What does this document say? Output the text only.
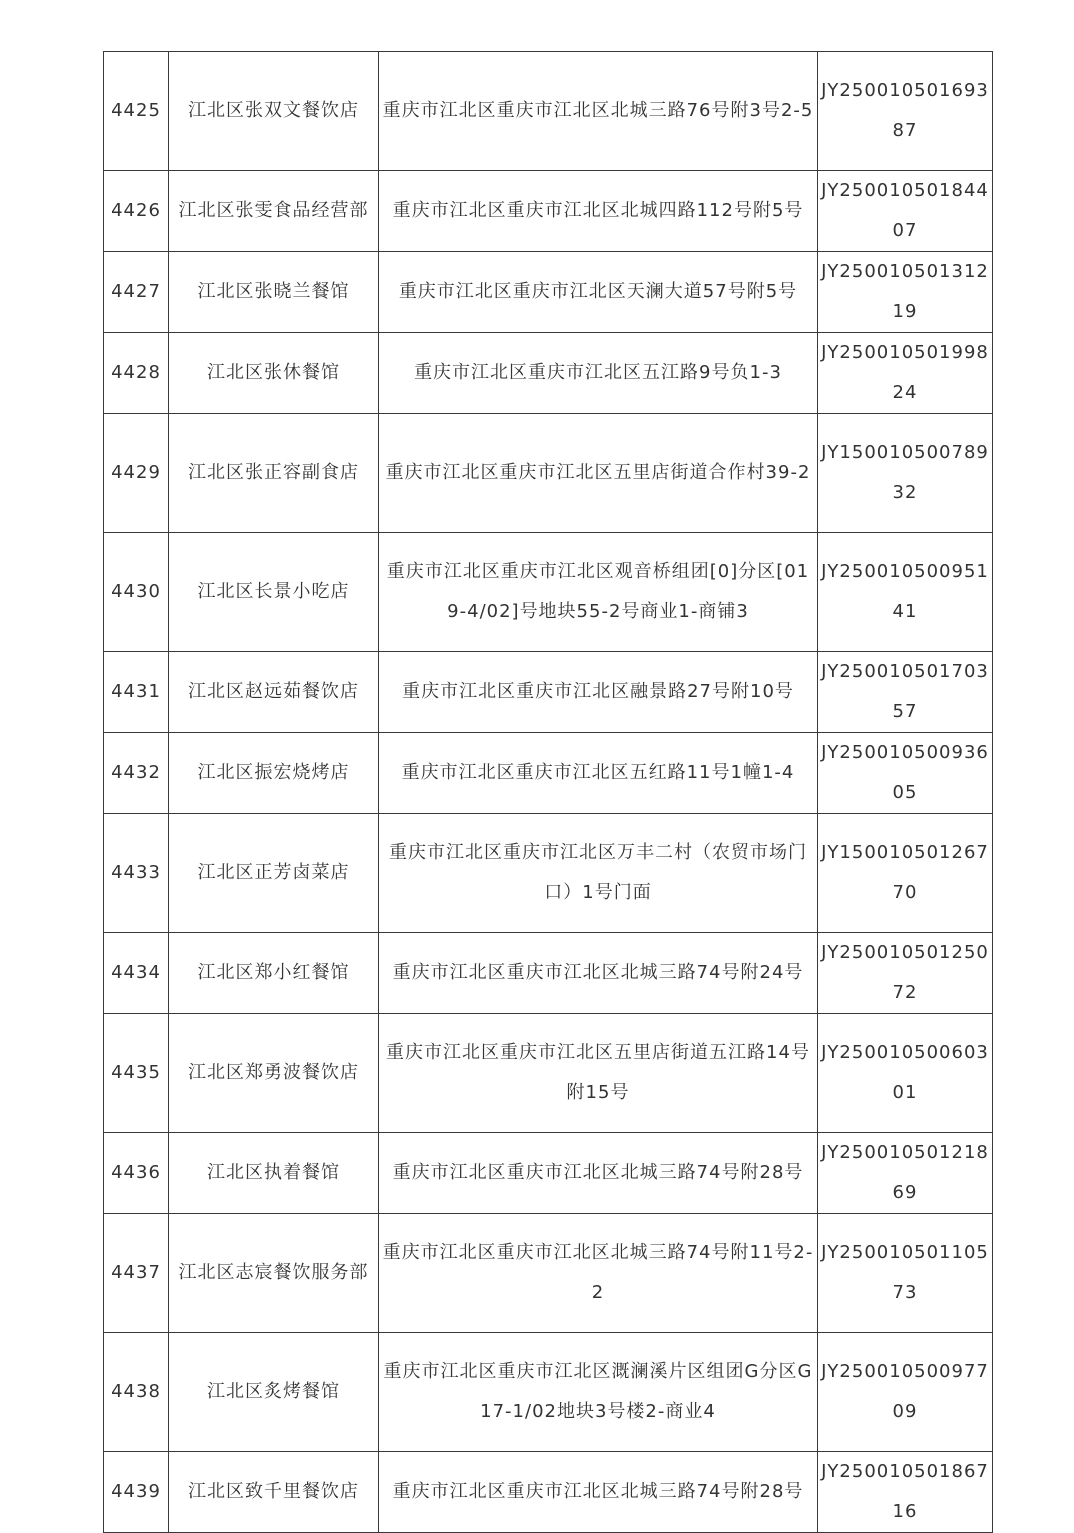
4425	江北区张双文餐饮店	重庆市江北区重庆市江北区北城三路76号附3号2-5	JY25001050169387
4426	江北区张雯食品经营部	重庆市江北区重庆市江北区北城四路112号附5号	JY25001050184407
4427	江北区张晓兰餐馆	重庆市江北区重庆市江北区天澜大道57号附5号	JY25001050131219
4428	江北区张休餐馆	重庆市江北区重庆市江北区五江路9号负1-3	JY25001050199824
4429	江北区张正容副食店	重庆市江北区重庆市江北区五里店街道合作村39-2	JY15001050078932
4430	江北区长景小吃店	重庆市江北区重庆市江北区观音桥组团[0]分区[019-4/02]号地块55-2号商业1-商铺3	JY25001050095141
4431	江北区赵远茹餐饮店	重庆市江北区重庆市江北区融景路27号附10号	JY25001050170357
4432	江北区振宏烧烤店	重庆市江北区重庆市江北区五红路11号1幢1-4	JY25001050093605
4433	江北区正芳卤菜店	重庆市江北区重庆市江北区万丰二村（农贸市场门口）1号门面	JY15001050126770
4434	江北区郑小红餐馆	重庆市江北区重庆市江北区北城三路74号附24号	JY25001050125072
4435	江北区郑勇波餐饮店	重庆市江北区重庆市江北区五里店街道五江路14号附15号	JY25001050060301
4436	江北区执着餐馆	重庆市江北区重庆市江北区北城三路74号附28号	JY25001050121869
4437	江北区志宸餐饮服务部	重庆市江北区重庆市江北区北城三路74号附11号2-2	JY25001050110573
4438	江北区炙烤餐馆	重庆市江北区重庆市江北区溉澜溪片区组团G分区G17-1/02地块3号楼2-商业4	JY25001050097709
4439	江北区致千里餐饮店	重庆市江北区重庆市江北区北城三路74号附28号	JY25001050186716
